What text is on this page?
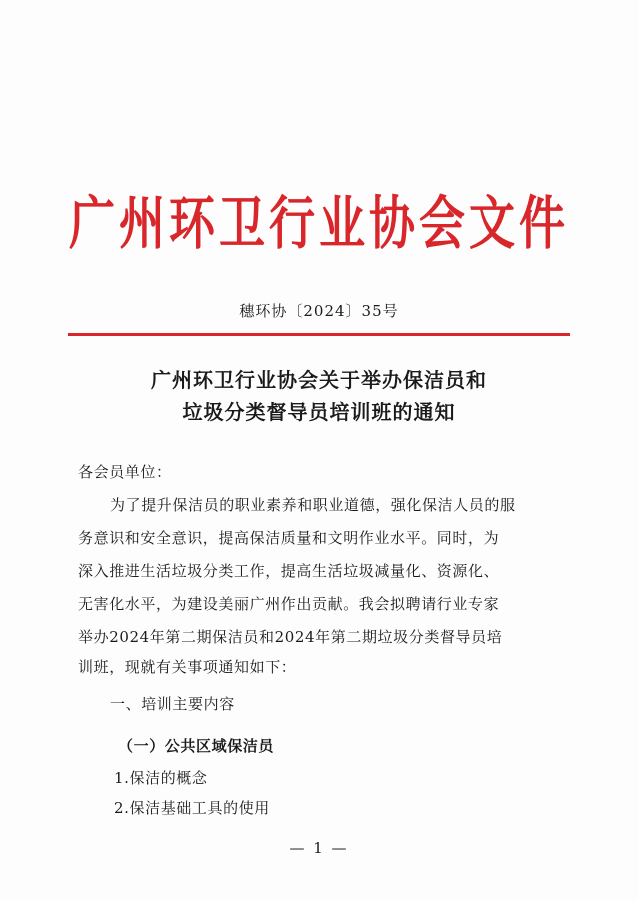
广州环卫行业协会文件
穗环协〔2024〕35号
广州环卫行业协会关于举办保洁员和
垃圾分类督导员培训班的通知
各会员单位：
为了提升保洁员的职业素养和职业道德，强化保洁人员的服
务意识和安全意识，提高保洁质量和文明作业水平。同时，为
深入推进生活垃圾分类工作，提高生活垃圾减量化、资源化、
无害化水平，为建设美丽广州作出贡献。我会拟聘请行业专家
举办2024年第二期保洁员和2024年第二期垃圾分类督导员培
训班，现就有关事项通知如下：
一、培训主要内容
（一）公共区域保洁员
1.保洁的概念
2.保洁基础工具的使用
— 1 —
